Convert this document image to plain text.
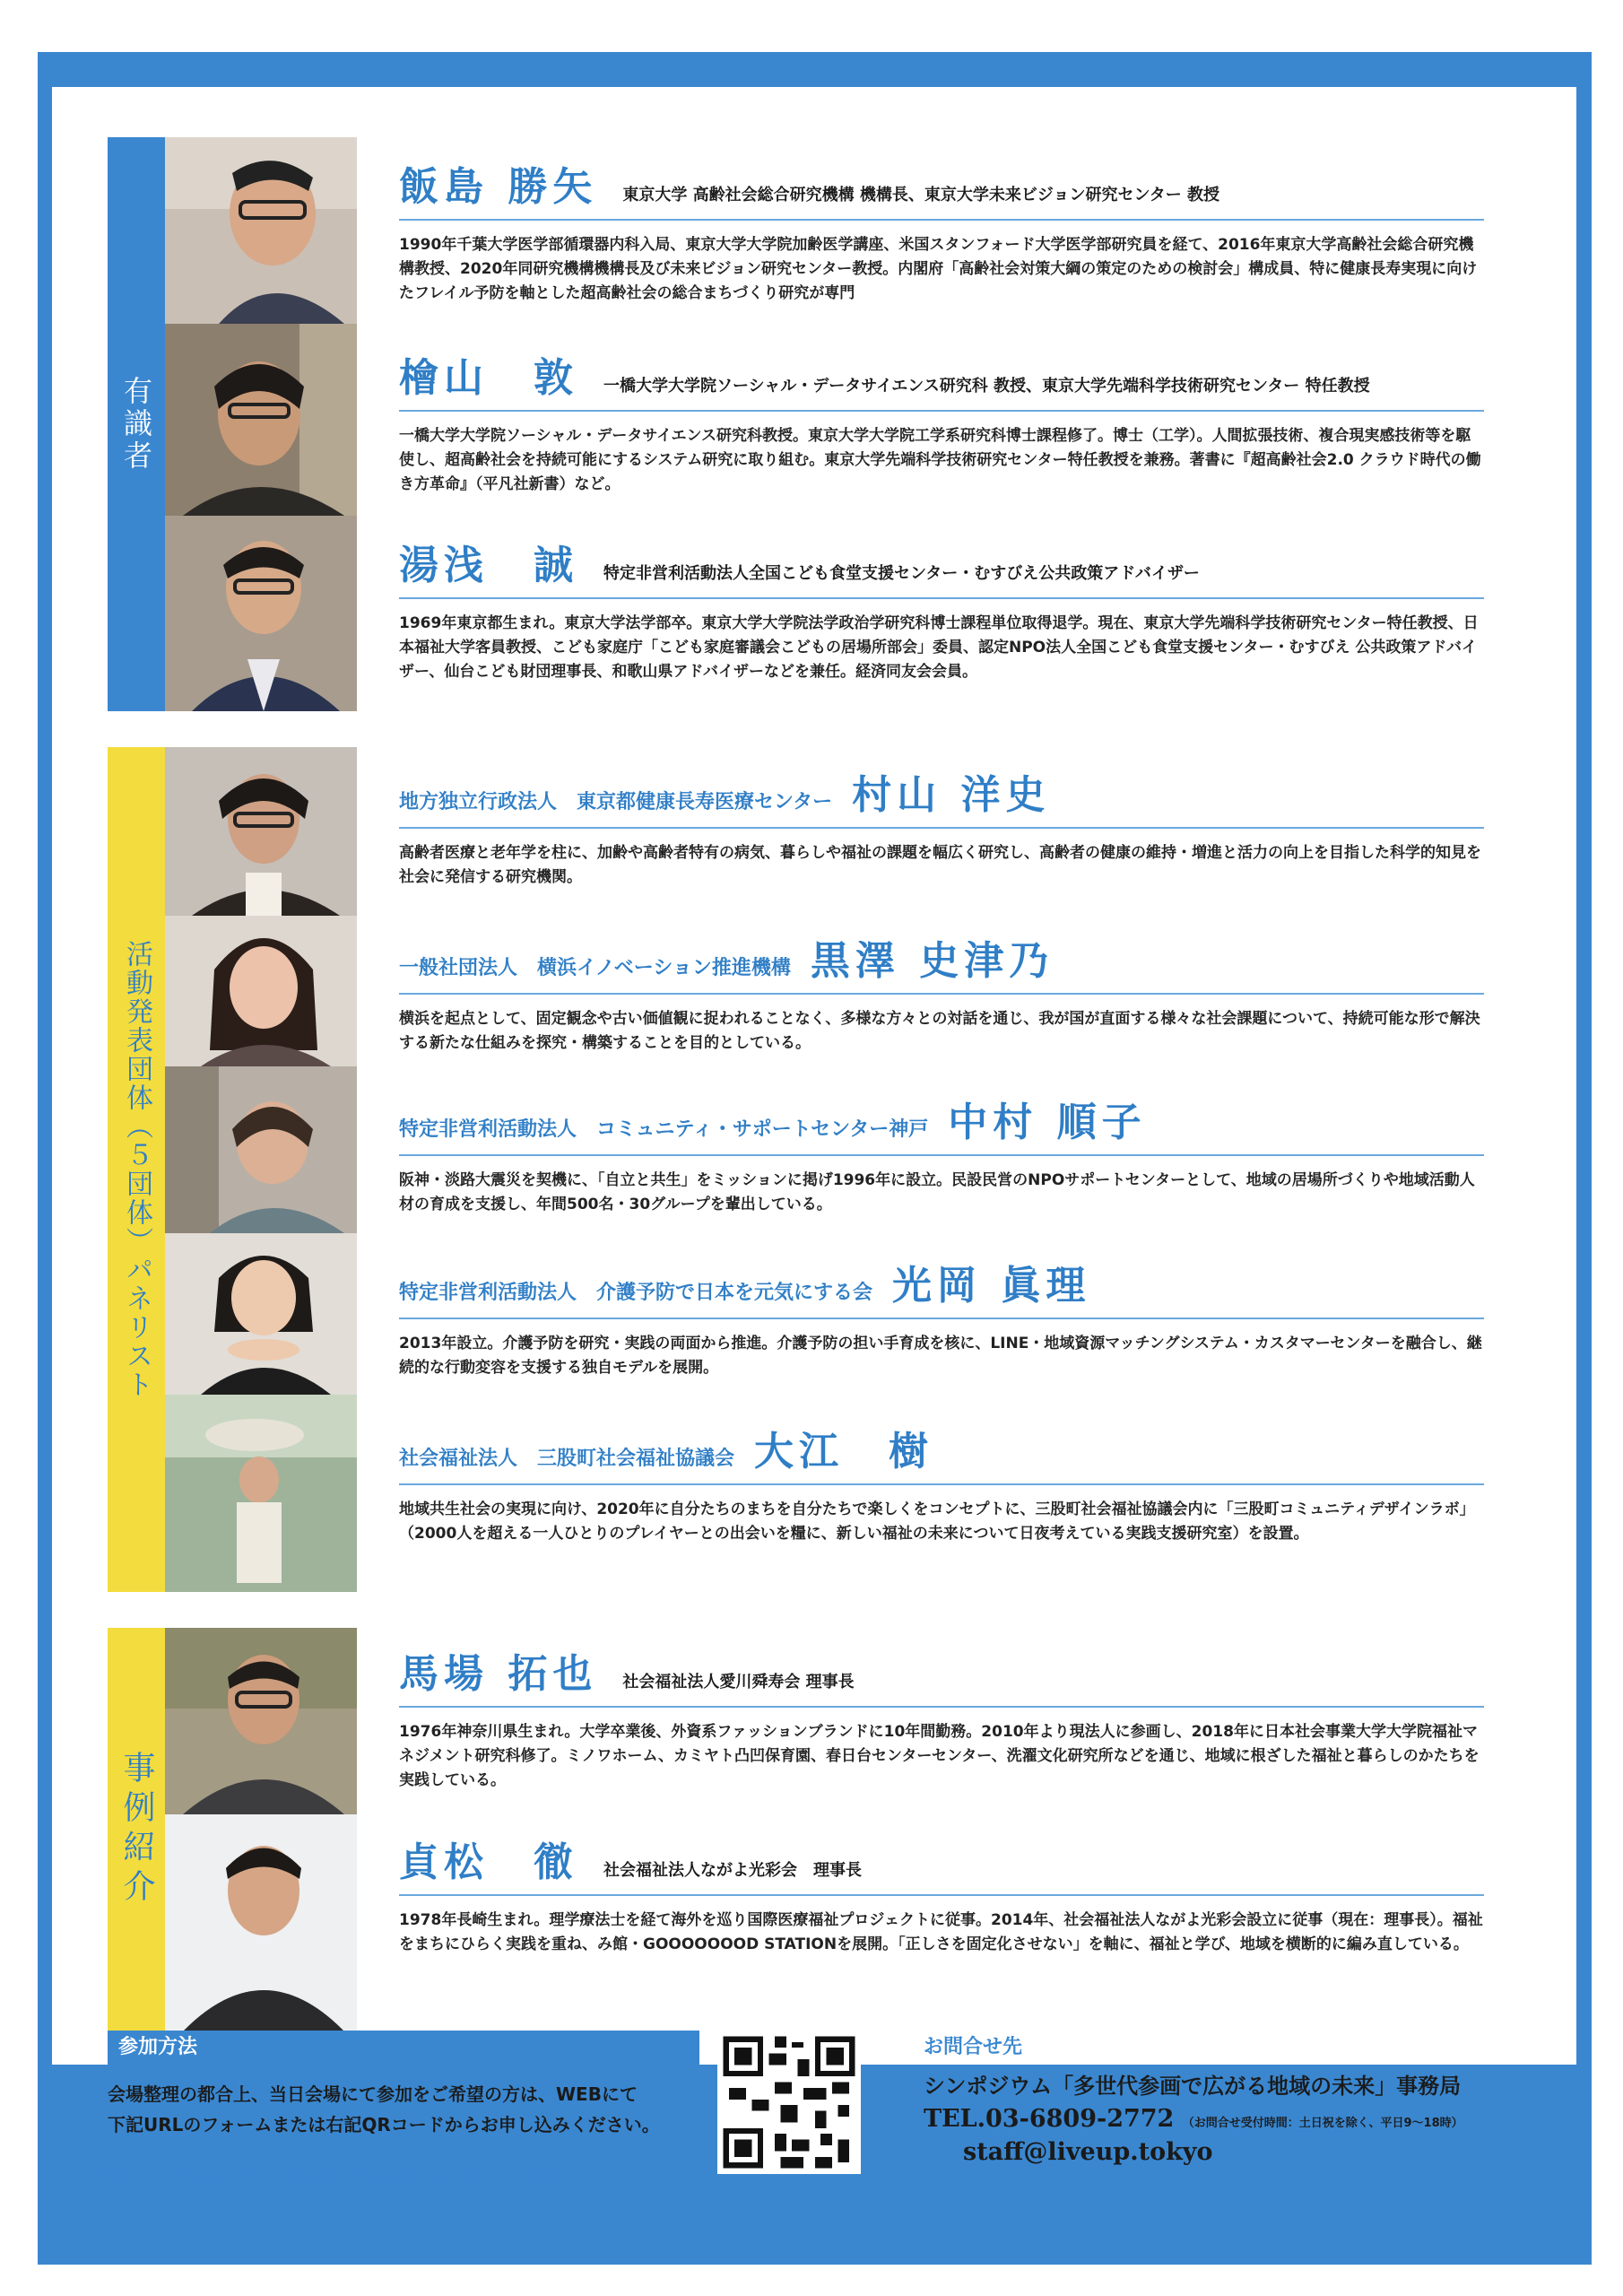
有識者
活動発表団体（５団体）パネリスト
事例紹介
飯島 勝矢 東京大学 高齢社会総合研究機構 機構長、東京大学未来ビジョン研究センター 教授
1990年千葉大学医学部循環器内科入局、東京大学大学院加齢医学講座、米国スタンフォード大学医学部研究員を経て、2016年東京大学高齢社会総合研究機構教授、2020年同研究機構機構長及び未来ビジョン研究センター教授。内閣府「高齢社会対策大綱の策定のための検討会」構成員、特に健康長寿実現に向けたフレイル予防を軸とした超高齢社会の総合まちづくり研究が専門
檜山　敦 一橋大学大学院ソーシャル・データサイエンス研究科 教授、東京大学先端科学技術研究センター 特任教授
一橋大学大学院ソーシャル・データサイエンス研究科教授。東京大学大学院工学系研究科博士課程修了。博士（工学）。人間拡張技術、複合現実感技術等を駆使し、超高齢社会を持続可能にするシステム研究に取り組む。東京大学先端科学技術研究センター特任教授を兼務。著書に『超高齢社会2.0 クラウド時代の働き方革命』（平凡社新書）など。
湯浅　誠 特定非営利活動法人全国こども食堂支援センター・むすびえ公共政策アドバイザー
1969年東京都生まれ。東京大学法学部卒。東京大学大学院法学政治学研究科博士課程単位取得退学。現在、東京大学先端科学技術研究センター特任教授、日本福祉大学客員教授、こども家庭庁「こども家庭審議会こどもの居場所部会」委員、認定NPO法人全国こども食堂支援センター・むすびえ 公共政策アドバイザー、仙台こども財団理事長、和歌山県アドバイザーなどを兼任。経済同友会会員。
地方独立行政法人　東京都健康長寿医療センター 村山 洋史
高齢者医療と老年学を柱に、加齢や高齢者特有の病気、暮らしや福祉の課題を幅広く研究し、高齢者の健康の維持・増進と活力の向上を目指した科学的知見を社会に発信する研究機関。
一般社団法人　横浜イノベーション推進機構 黒澤 史津乃
横浜を起点として、固定観念や古い価値観に捉われることなく、多様な方々との対話を通じ、我が国が直面する様々な社会課題について、持続可能な形で解決する新たな仕組みを探究・構築することを目的としている。
特定非営利活動法人　コミュニティ・サポートセンター神戸 中村 順子
阪神・淡路大震災を契機に、「自立と共生」をミッションに掲げ1996年に設立。民設民営のNPOサポートセンターとして、地域の居場所づくりや地域活動人材の育成を支援し、年間500名・30グループを輩出している。
特定非営利活動法人　介護予防で日本を元気にする会 光岡 眞理
2013年設立。介護予防を研究・実践の両面から推進。介護予防の担い手育成を核に、LINE・地域資源マッチングシステム・カスタマーセンターを融合し、継続的な行動変容を支援する独自モデルを展開。
社会福祉法人　三股町社会福祉協議会 大江　樹
地域共生社会の実現に向け、2020年に自分たちのまちを自分たちで楽しくをコンセプトに、三股町社会福祉協議会内に「三股町コミュニティデザインラボ」（2000人を超える一人ひとりのプレイヤーとの出会いを糧に、新しい福祉の未来について日夜考えている実践支援研究室）を設置。
馬場 拓也 社会福祉法人愛川舜寿会 理事長
1976年神奈川県生まれ。大学卒業後、外資系ファッションブランドに10年間勤務。2010年より現法人に参画し、2018年に日本社会事業大学大学院福祉マネジメント研究科修了。ミノワホーム、カミヤト凸凹保育園、春日台センターセンター、洗濯文化研究所などを通じ、地域に根ざした福祉と暮らしのかたちを実践している。
貞松　徹 社会福祉法人ながよ光彩会　理事長
1978年長崎生まれ。理学療法士を経て海外を巡り国際医療福祉プロジェクトに従事。2014年、社会福祉法人ながよ光彩会設立に従事（現在：理事長）。福祉をまちにひらく実践を重ね、み館・GOOOOOOOD STATIONを展開。「正しさを固定化させない」を軸に、福祉と学び、地域を横断的に編み直している。
参加方法
会場整理の都合上、当日会場にて参加をご希望の方は、WEBにて
下記URLのフォームまたは右記QRコードからお申し込みください。
URL▶ https://forms.gle/AKug31VmbToTJPwK9
お問合せ先
シンポジウム「多世代参画で広がる地域の未来」事務局
TEL.03-6809-2772 （お問合せ受付時間：土日祝を除く、平日9〜18時）
staff@liveup.tokyo
